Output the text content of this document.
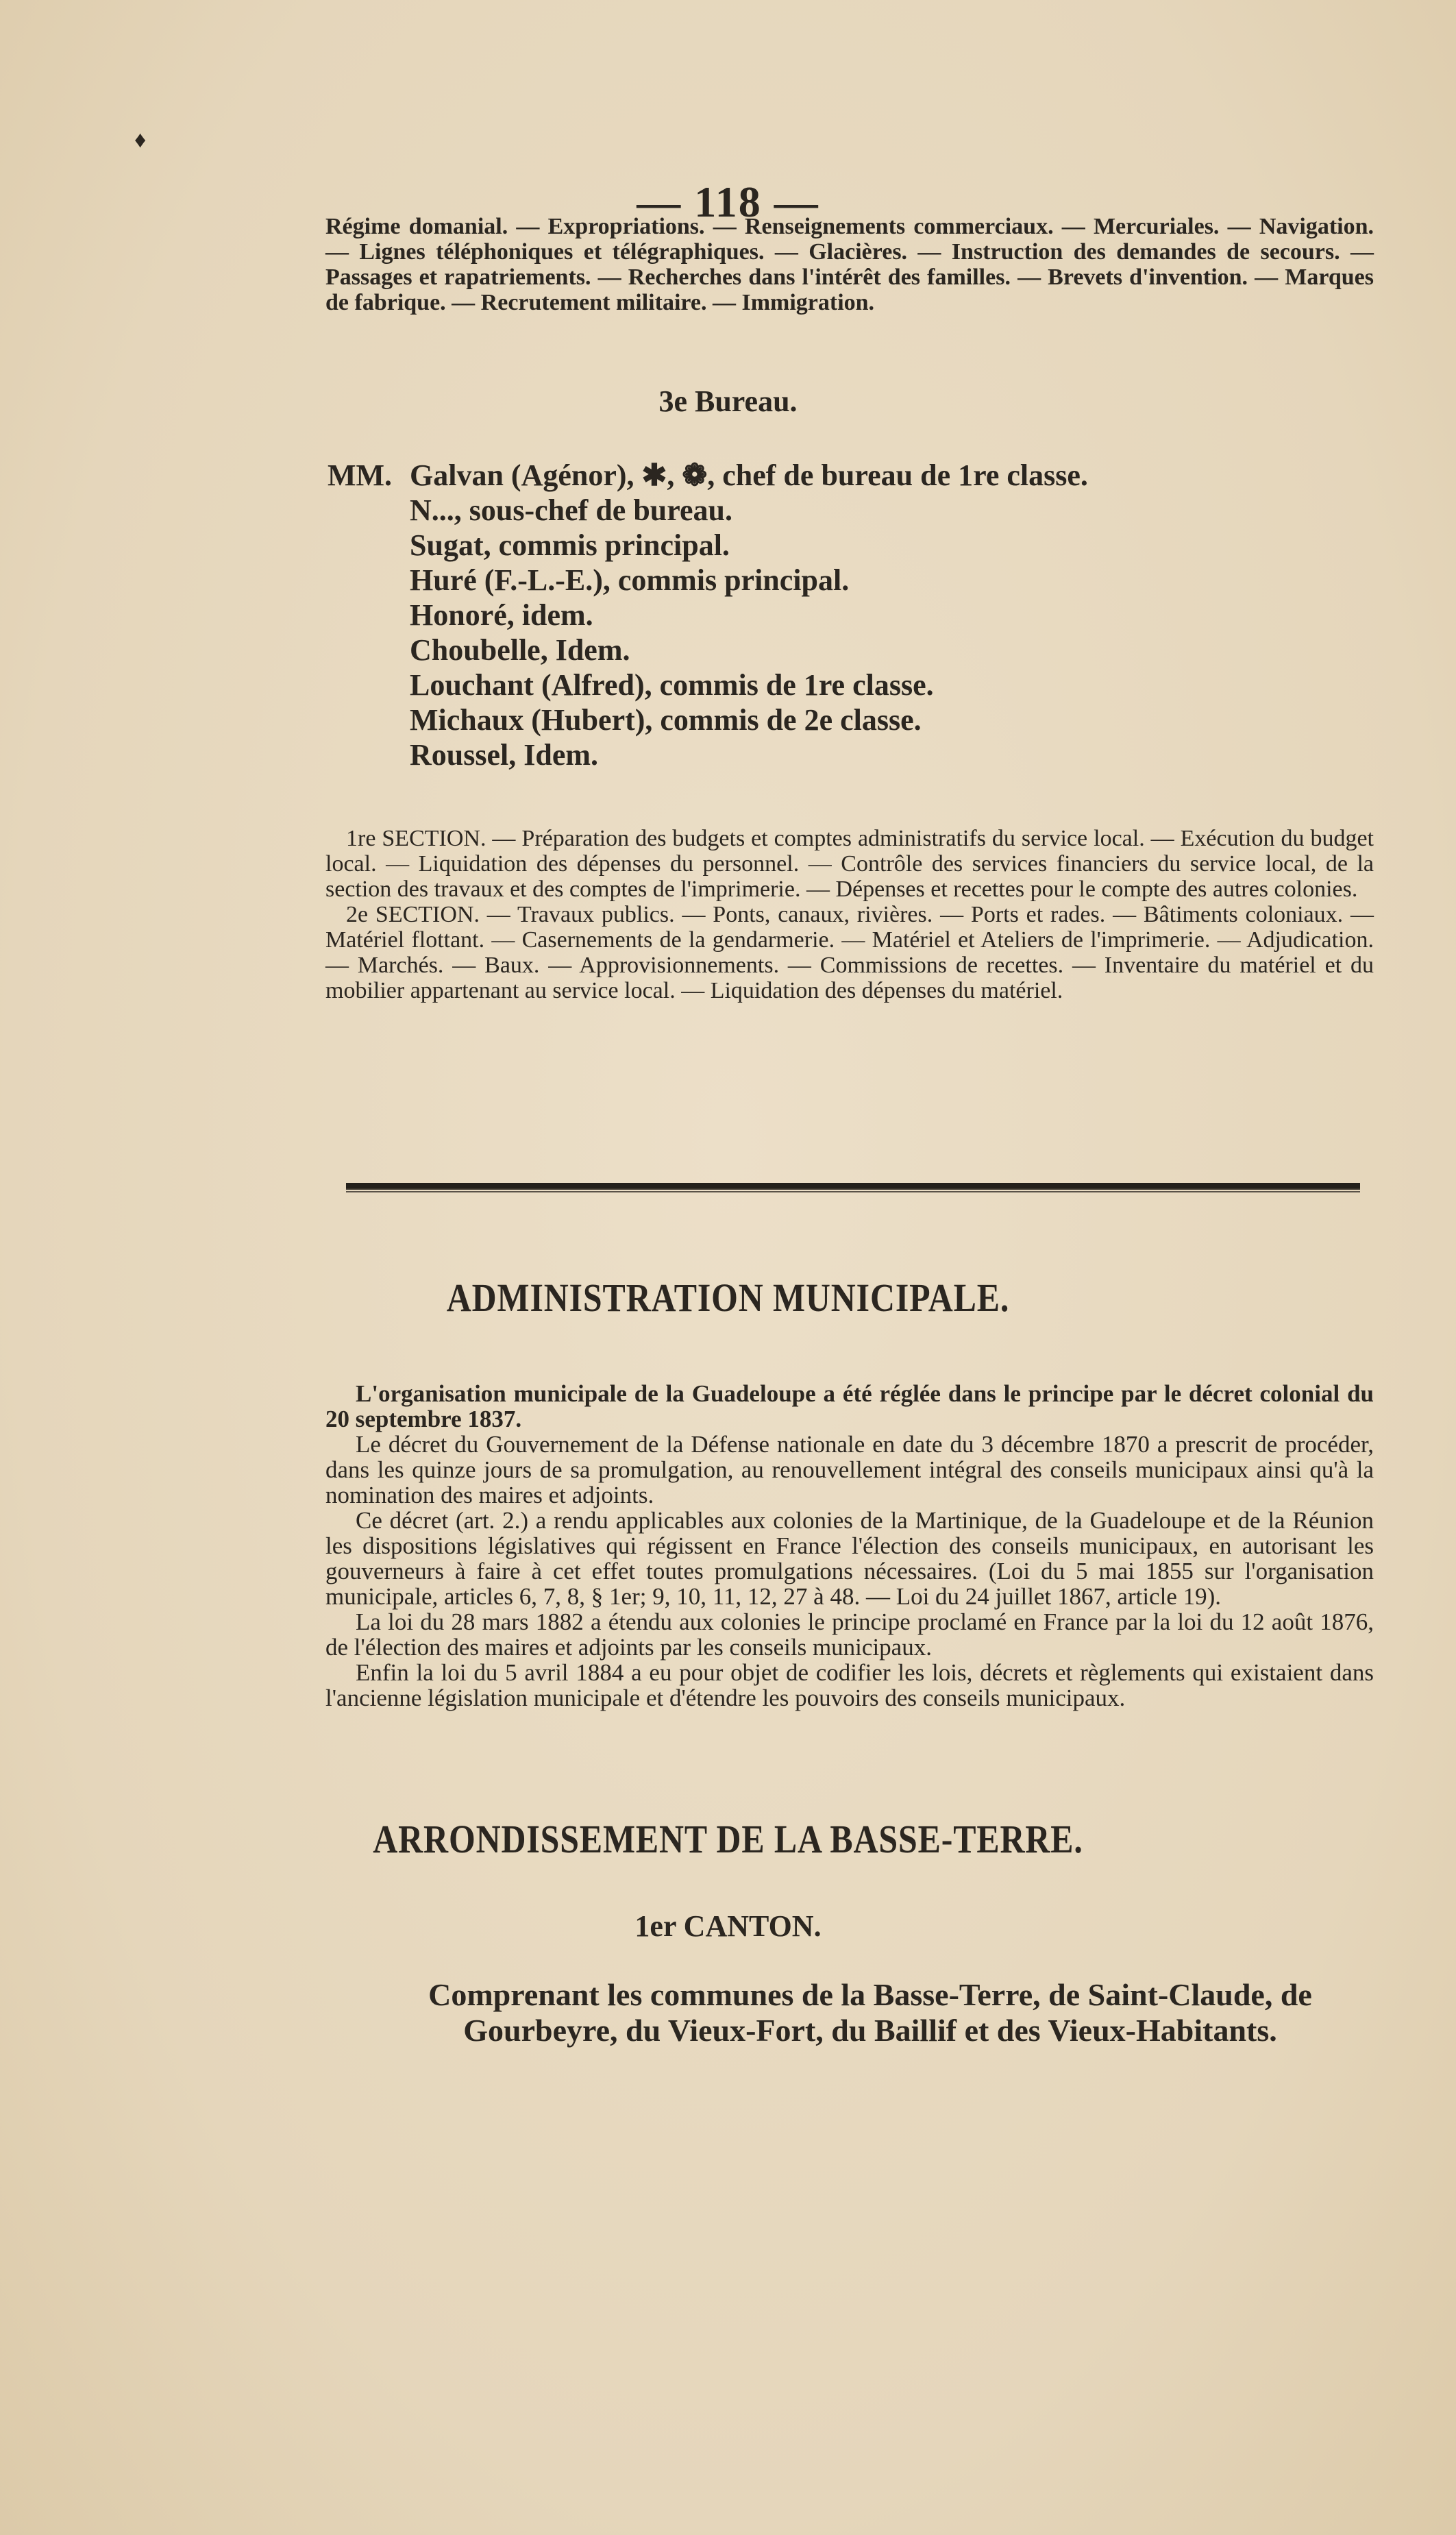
♦
— 118 —

Régime domanial. — Expropriations. — Renseignements commerciaux. — Mercuriales. — Navigation. — Lignes téléphoniques et télégraphiques. — Glacières. — Instruction des demandes de secours. — Passages et rapatriements. — Recherches dans l'intérêt des familles. — Brevets d'invention. — Marques de fabrique. — Recrutement militaire. — Immigration.

3e Bureau.
MM. Galvan (Agénor), ✱, ❁, chef de bureau de 1re classe.
N..., sous-chef de bureau.
Sugat, commis principal.
Huré (F.-L.-E.), commis principal.
Honoré, idem.
Choubelle, Idem.
Louchant (Alfred), commis de 1re classe.
Michaux (Hubert), commis de 2e classe.
Roussel, Idem.

1re SECTION. — Préparation des budgets et comptes administratifs du service local. — Exécution du budget local. — Liquidation des dépenses du personnel. — Contrôle des services financiers du service local, de la section des travaux et des comptes de l'imprimerie. — Dépenses et recettes pour le compte des autres colonies.

2e SECTION. — Travaux publics. — Ponts, canaux, rivières. — Ports et rades. — Bâtiments coloniaux. — Matériel flottant. — Casernements de la gendarmerie. — Matériel et Ateliers de l'imprimerie. — Adjudication. — Marchés. — Baux. — Approvisionnements. — Commissions de recettes. — Inventaire du matériel et du mobilier appartenant au service local. — Liquidation des dépenses du matériel.

ADMINISTRATION MUNICIPALE.

L'organisation municipale de la Guadeloupe a été réglée dans le principe par le décret colonial du 20 septembre 1837.

Le décret du Gouvernement de la Défense nationale en date du 3 décembre 1870 a prescrit de procéder, dans les quinze jours de sa promulgation, au renouvellement intégral des conseils municipaux ainsi qu'à la nomination des maires et adjoints.

Ce décret (art. 2.) a rendu applicables aux colonies de la Martinique, de la Guadeloupe et de la Réunion les dispositions législatives qui régissent en France l'élection des conseils municipaux, en autorisant les gouverneurs à faire à cet effet toutes promulgations nécessaires. (Loi du 5 mai 1855 sur l'organisation municipale, articles 6, 7, 8, § 1er; 9, 10, 11, 12, 27 à 48. — Loi du 24 juillet 1867, article 19).

La loi du 28 mars 1882 a étendu aux colonies le principe proclamé en France par la loi du 12 août 1876, de l'élection des maires et adjoints par les conseils municipaux.

Enfin la loi du 5 avril 1884 a eu pour objet de codifier les lois, décrets et règlements qui existaient dans l'ancienne législation municipale et d'étendre les pouvoirs des conseils municipaux.

ARRONDISSEMENT DE LA BASSE-TERRE.
1er CANTON.
Comprenant les communes de la Basse-Terre, de Saint-Claude, de Gourbeyre, du Vieux-Fort, du Baillif et des Vieux-Habitants.
